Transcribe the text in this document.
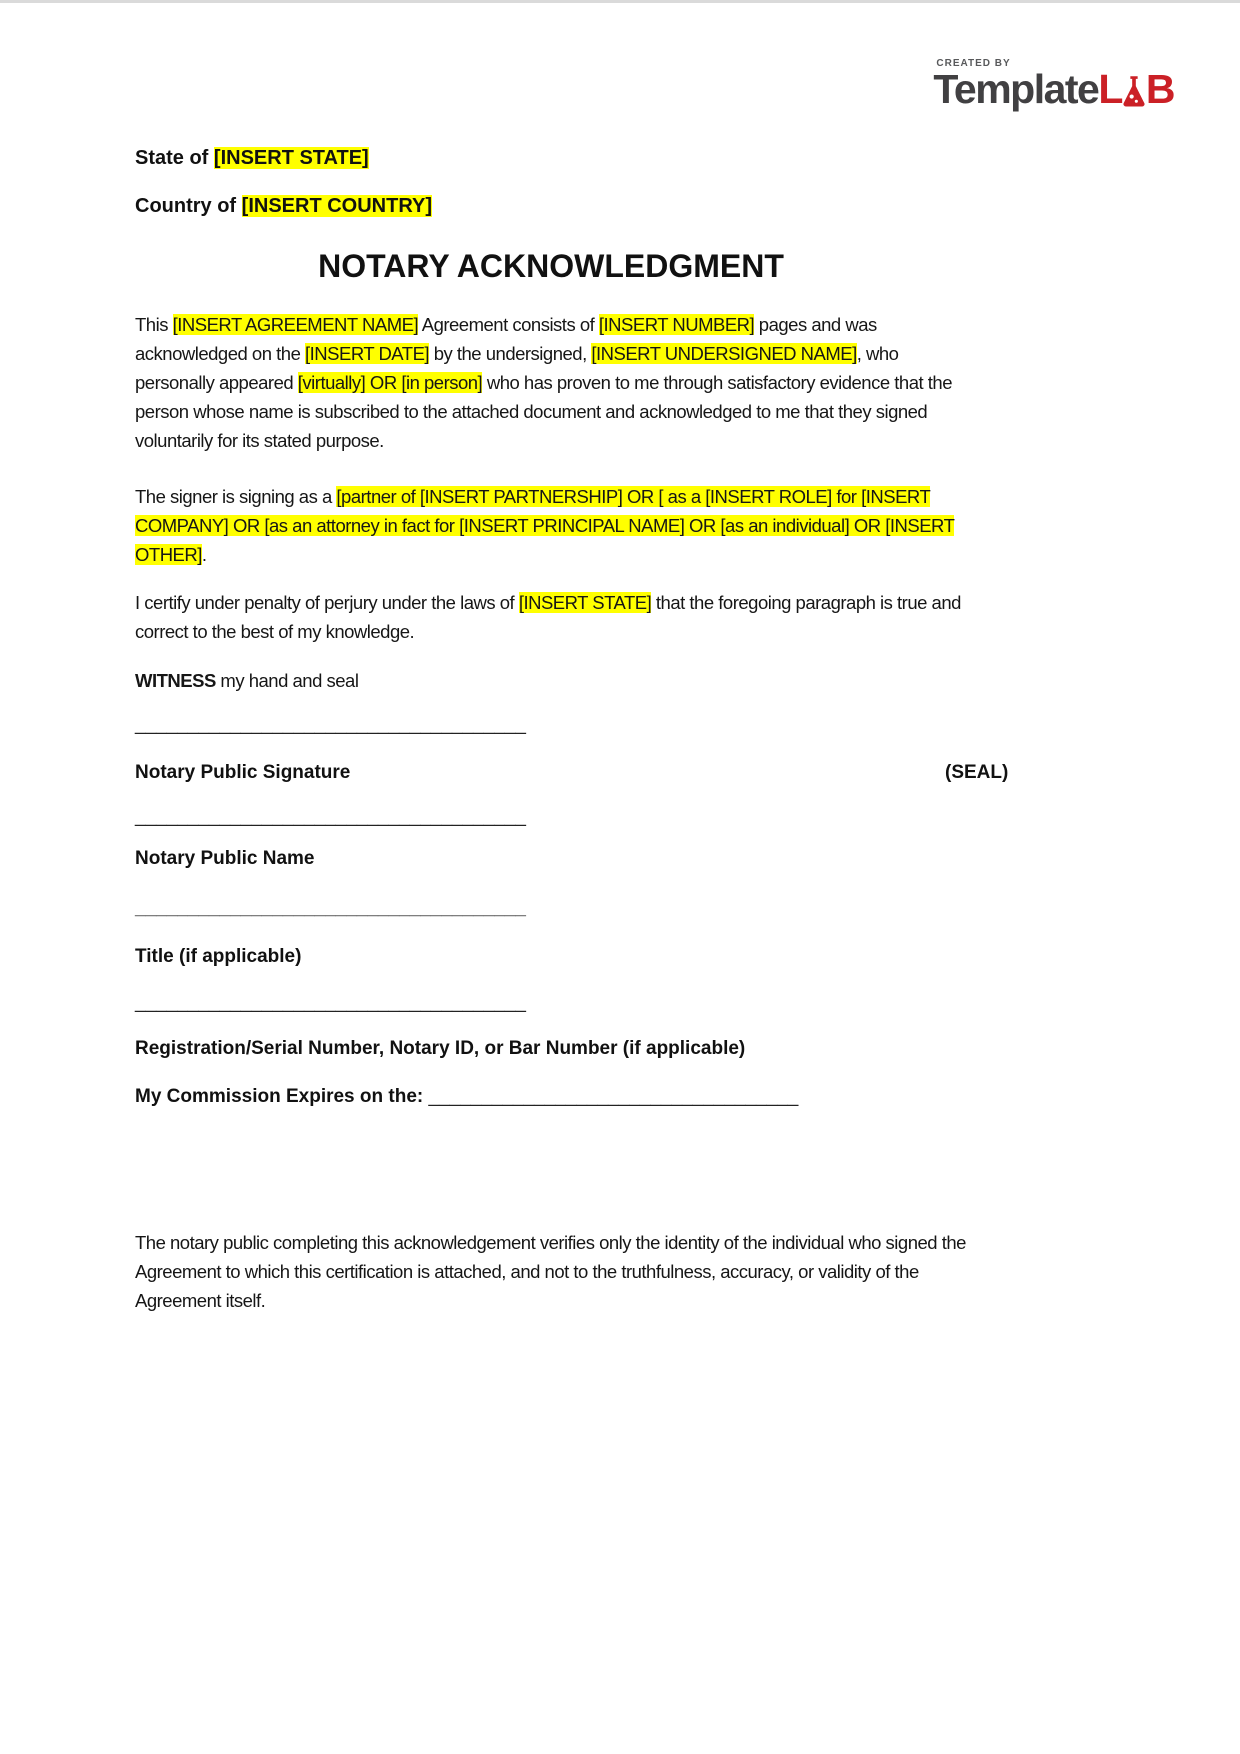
CREATED BY
Template L B
State of [INSERT STATE]
Country of [INSERT COUNTRY]
NOTARY ACKNOWLEDGMENT
This [INSERT AGREEMENT NAME] Agreement consists of [INSERT NUMBER] pages and was acknowledged on the [INSERT DATE] by the undersigned, [INSERT UNDERSIGNED NAME], who personally appeared [virtually] OR [in person] who has proven to me through satisfactory evidence that the person whose name is subscribed to the attached document and acknowledged to me that they signed voluntarily for its stated purpose.
The signer is signing as a [partner of [INSERT PARTNERSHIP] OR [ as a [INSERT ROLE] for [INSERT COMPANY] OR [as an attorney in fact for [INSERT PRINCIPAL NAME] OR [as an individual] OR [INSERT OTHER].
I certify under penalty of perjury under the laws of [INSERT STATE] that the foregoing paragraph is true and correct to the best of my knowledge.
WITNESS my hand and seal
_____________________________________
Notary Public Signature	(SEAL)
_____________________________________
Notary Public Name
_____________________________________
Title (if applicable)
_____________________________________
Registration/Serial Number, Notary ID, or Bar Number (if applicable)
My Commission Expires on the: ___________________________________
The notary public completing this acknowledgement verifies only the identity of the individual who signed the Agreement to which this certification is attached, and not to the truthfulness, accuracy, or validity of the Agreement itself.
